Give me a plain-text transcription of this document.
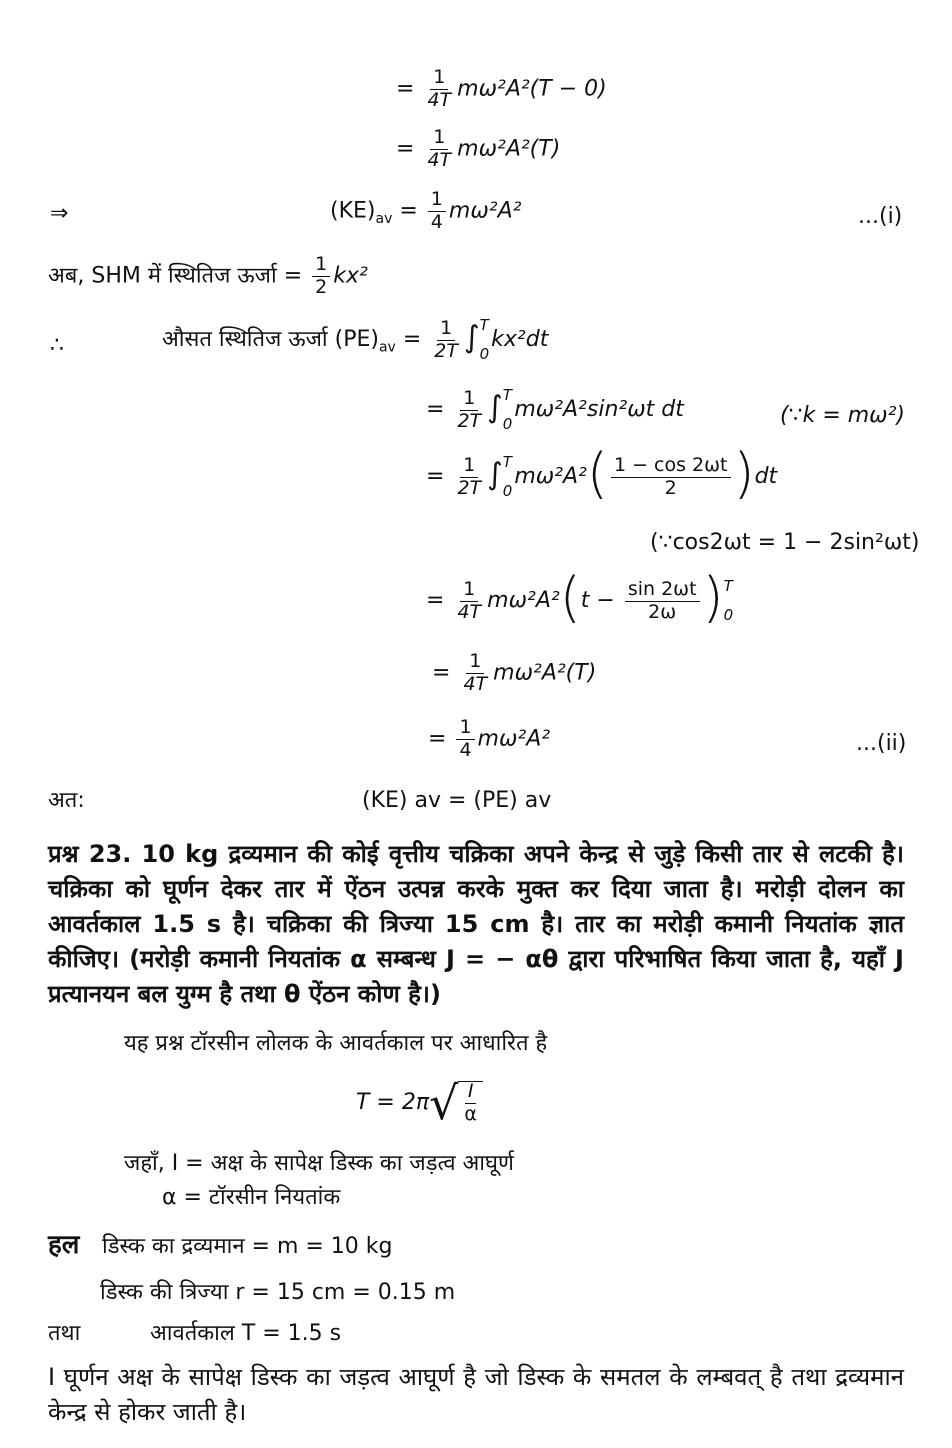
= $\frac{1}{4T} m\omega^2A^2(T - 0)$
= $\frac{1}{4T} m\omega^2A^2(T)$
⇒	$(KE)_{av} = \frac{1}{4} m\omega^2A^2$	...(i)
अब, SHM में स्थितिज ऊर्जा = $\frac{1}{2} kx^2$
∴	औसत स्थितिज ऊर्जा $(PE)_{av} = \frac{1}{2T}$ ∫ T
0
kx²dt
= $\frac{1}{2T}$ ∫ T
0
mω²A²sin²ωt dt	(∵k = mω²)
= $\frac{1}{2T}$ ∫ T
0
$m\omega^2A^2( \frac{1 - \cos 2\omega t}{2} )dt$
(∵cos2ωt = 1 − 2sin²ωt)
= $\frac{1}{4T} m\omega^2A^2(t - \frac{\sin 2\omega t}{2\omega}$ ) T
0
= $\frac{1}{4T} m\omega^2A^2(T)$
= $\frac{1}{4} m\omega^2A^2$	...(ii)
अत:	(KE) av = (PE) av
प्रश्न 23. 10 kg द्रव्यमान की कोई वृत्तीय चक्रिका अपने केन्द्र से जुड़े किसी तार से लटकी है। चक्रिका को घूर्णन देकर तार में ऐंठन उत्पन्न करके मुक्त कर दिया जाता है। मरोड़ी दोलन का आवर्तकाल 1.5 s है। चक्रिका की त्रिज्या 15 cm है। तार का मरोड़ी कमानी नियतांक ज्ञात कीजिए। (मरोड़ी कमानी नियतांक α सम्बन्ध J = − αθ द्वारा परिभाषित किया जाता है, यहाँ J प्रत्यानयन बल युग्म है तथा θ ऐंठन कोण है।)
यह प्रश्न टॉरसीन लोलक के आवर्तकाल पर आधारित है
T = 2π √ $\frac{I}{\alpha}$
जहाँ, I = अक्ष के सापेक्ष डिस्क का जड़त्व आघूर्ण
α = टॉरसीन नियतांक
हल डिस्क का द्रव्यमान = m = 10 kg
डिस्क की त्रिज्या r = 15 cm = 0.15 m
तथा	आवर्तकाल T = 1.5 s
I घूर्णन अक्ष के सापेक्ष डिस्क का जड़त्व आघूर्ण है जो डिस्क के समतल के लम्बवत् है तथा द्रव्यमान केन्द्र से होकर जाती है।
